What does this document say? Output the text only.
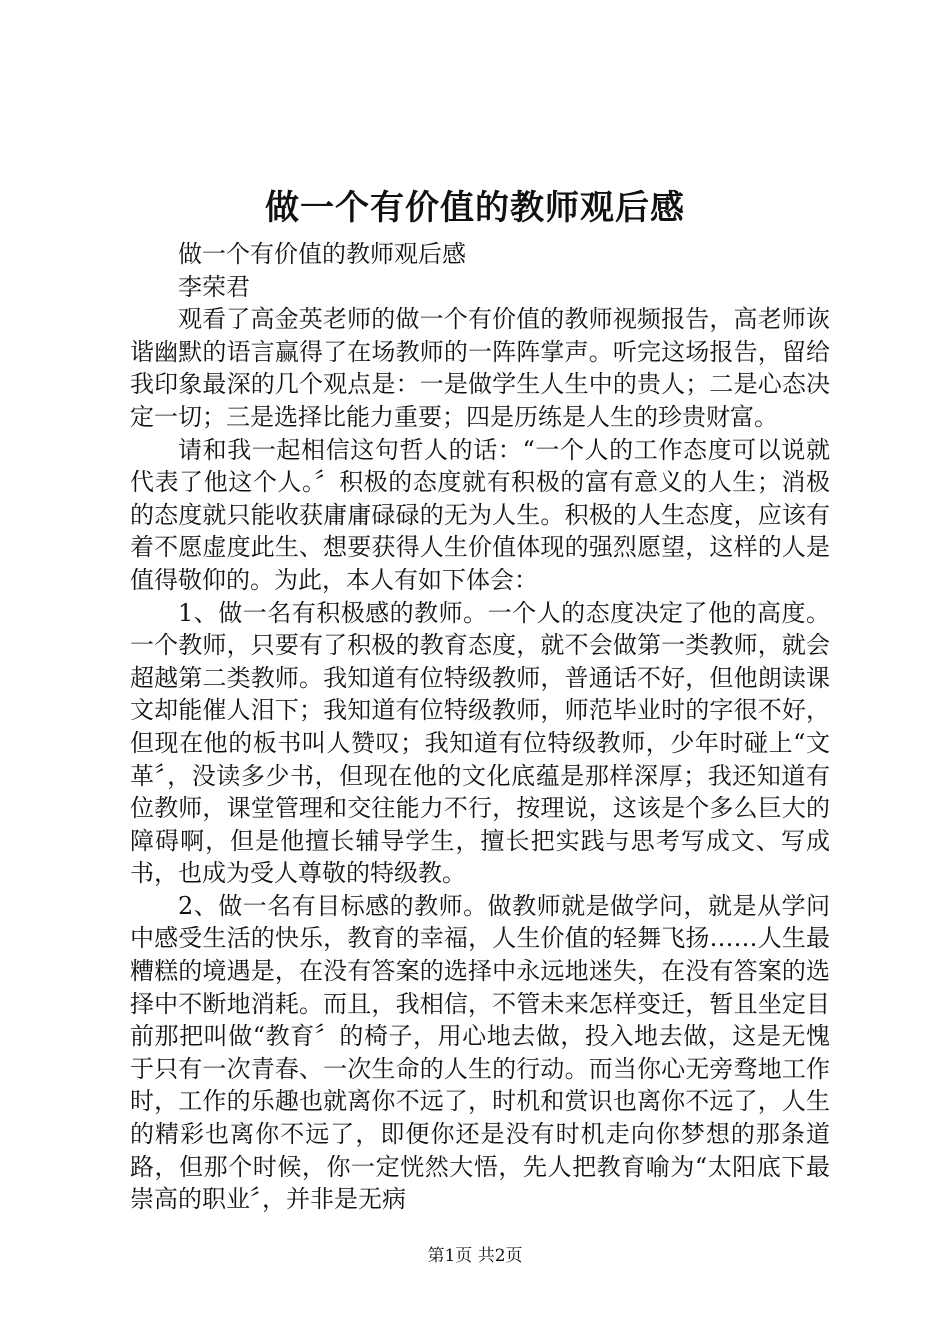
做一个有价值的教师观后感

做一个有价值的教师观后感

李荣君

观看了高金英老师的做一个有价值的教师视频报告，高老师诙谐幽默的语言赢得了在场教师的一阵阵掌声。听完这场报告，留给我印象最深的几个观点是：一是做学生人生中的贵人；二是心态决定一切；三是选择比能力重要；四是历练是人生的珍贵财富。

请和我一起相信这句哲人的话：“一个人的工作态度可以说就代表了他这个人。〞积极的态度就有积极的富有意义的人生；消极的态度就只能收获庸庸碌碌的无为人生。积极的人生态度，应该有着不愿虚度此生、想要获得人生价值体现的强烈愿望，这样的人是值得敬仰的。为此，本人有如下体会：

1、做一名有积极感的教师。一个人的态度决定了他的高度。一个教师，只要有了积极的教育态度，就不会做第一类教师，就会超越第二类教师。我知道有位特级教师，普通话不好，但他朗读课文却能催人泪下；我知道有位特级教师，师范毕业时的字很不好，但现在他的板书叫人赞叹；我知道有位特级教师，少年时碰上“文革〞，没读多少书，但现在他的文化底蕴是那样深厚；我还知道有位教师，课堂管理和交往能力不行，按理说，这该是个多么巨大的障碍啊，但是他擅长辅导学生，擅长把实践与思考写成文、写成书，也成为受人尊敬的特级教。

2、做一名有目标感的教师。做教师就是做学问，就是从学问中感受生活的快乐，教育的幸福，人生价值的轻舞飞扬……人生最糟糕的境遇是，在没有答案的选择中永远地迷失，在没有答案的选择中不断地消耗。而且，我相信，不管未来怎样变迁，暂且坐定目前那把叫做“教育〞的椅子，用心地去做，投入地去做，这是无愧于只有一次青春、一次生命的人生的行动。而当你心无旁骛地工作时，工作的乐趣也就离你不远了，时机和赏识也离你不远了，人生的精彩也离你不远了，即便你还是没有时机走向你梦想的那条道路，但那个时候，你一定恍然大悟，先人把教育喻为“太阳底下最崇高的职业〞，并非是无病

第1页 共2页
